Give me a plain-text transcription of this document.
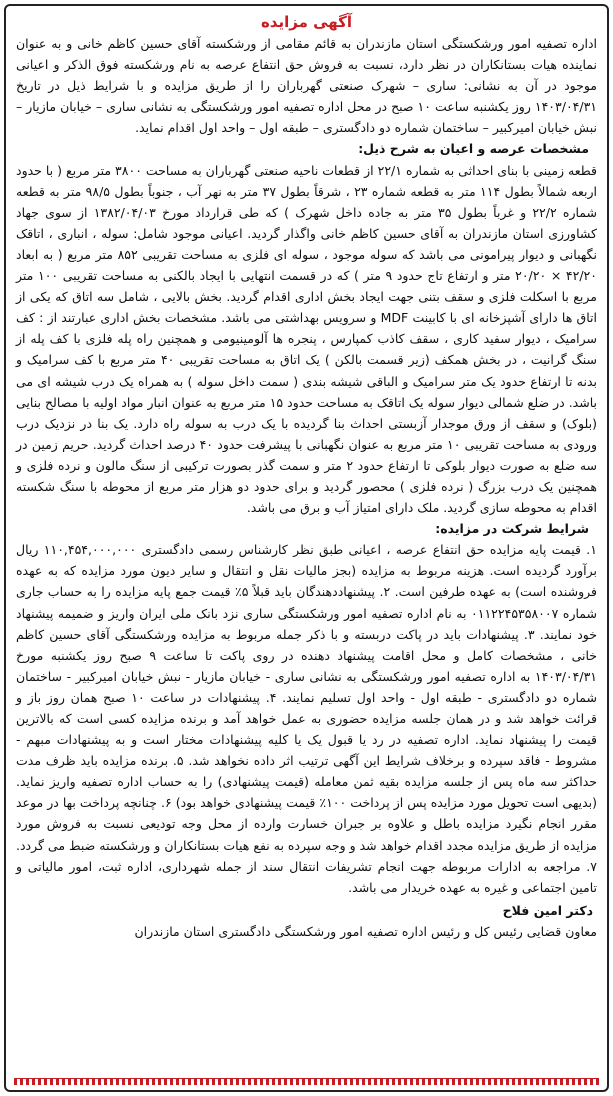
آگهی مزایده

اداره تصفیه امور ورشکستگی استان مازندران به قائم مقامی از ورشکسته آقای حسین کاظم خانی و به عنوان نماینده هیات بستانکاران در نظر دارد، نسبت به فروش حق انتفاع عرصه به نام ورشکسته فوق الذکر و اعیانی موجود در آن به نشانی: ساری – شهرک صنعتی گهرباران را از طریق مزایده و با شرایط ذیل در تاریخ ۱۴۰۳/۰۴/۳۱ روز یکشنبه ساعت ۱۰ صبح در محل اداره تصفیه امور ورشکستگی به نشانی ساری – خیابان مازیار – نبش خیابان امیرکبیر – ساختمان شماره دو دادگستری – طبقه اول – واحد اول اقدام نماید.

مشخصات عرصه و اعیان به شرح ذیل:

قطعه زمینی با بنای احداثی به شماره ۲۲/۱ از قطعات ناحیه صنعتی گهرباران به مساحت ۳۸۰۰ متر مربع ( با حدود اربعه شمالاً بطول ۱۱۴ متر به قطعه شماره ۲۳ ، شرقاً بطول ۳۷ متر به نهر آب ، جنوباً بطول ۹۸/۵ متر به قطعه شماره ۲۲/۲ و غرباً بطول ۳۵ متر به جاده داخل شهرک ) که طی قرارداد مورخ ۱۳۸۲/۰۴/۰۳ از سوی جهاد کشاورزی استان مازندران به آقای حسین کاظم خانی واگذار گردید. اعیانی موجود شامل: سوله ، انباری ، اتاقک نگهبانی و دیوار پیرامونی می باشد که سوله موجود ، سوله ای فلزی به مساحت تقریبی ۸۵۲ متر مربع ( به ابعاد ۴۲/۲۰ × ۲۰/۲۰ متر و ارتفاع تاج حدود ۹ متر ) که در قسمت انتهایی با ایجاد بالکنی به مساحت تقریبی ۱۰۰ متر مربع با اسکلت فلزی و سقف بتنی جهت ایجاد بخش اداری اقدام گردید. بخش بالایی ، شامل سه اتاق که یکی از اتاق ها دارای آشپزخانه ای با کابینت MDF و سرویس بهداشتی می باشد. مشخصات بخش اداری عبارتند از : کف سرامیک ، دیوار سفید کاری ، سقف کاذب کمپارس ، پنجره ها آلومینیومی و همچنین راه پله فلزی با کف پله از سنگ گرانیت ، در بخش همکف (زیر قسمت بالکن ) یک اتاق به مساحت تقریبی ۴۰ متر مربع با کف سرامیک و بدنه تا ارتفاع حدود یک متر سرامیک و الباقی شیشه بندی ( سمت داخل سوله ) به همراه یک درب شیشه ای می باشد. در ضلع شمالی دیوار سوله یک اتاقک به مساحت حدود ۱۵ متر مربع به عنوان انبار مواد اولیه با مصالح بنایی (بلوک) و سقف از ورق موجدار آزبستی احداث بنا گردیده با یک درب به سوله راه دارد. یک بنا در نزدیک درب ورودی به مساحت تقریبی ۱۰ متر مربع به عنوان نگهبانی با پیشرفت حدود ۴۰ درصد احداث گردید. حریم زمین در سه ضلع به صورت دیوار بلوکی تا ارتفاع حدود ۲ متر و سمت گذر بصورت ترکیبی از سنگ مالون و نرده فلزی و همچنین یک درب بزرگ ( نرده فلزی ) محصور گردید و برای حدود دو هزار متر مربع از محوطه با سنگ شکسته اقدام به محوطه سازی گردید. ملک دارای امتیاز آب و برق می باشد.

شرایط شرکت در مزایده:

۱. قیمت پایه مزایده حق انتفاع عرصه ، اعیانی طبق نظر کارشناس رسمی دادگستری ۱۱۰,۴۵۴,۰۰۰,۰۰۰ ریال برآورد گردیده است. هزینه مربوط به مزایده (بجز مالیات نقل و انتقال و سایر دیون مورد مزایده که به عهده فروشنده است) به عهده طرفین است. ۲. پیشنهاددهندگان باید قبلاً ۵٪ قیمت جمع پایه مزایده را به حساب جاری شماره ۰۱۱۲۲۴۵۳۵۸۰۰۷ به نام اداره تصفیه امور ورشکستگی ساری نزد بانک ملی ایران واریز و ضمیمه پیشنهاد خود نمایند. ۳. پیشنهادات باید در پاکت دربسته و با ذکر جمله مربوط به مزایده ورشکستگی آقای حسین کاظم خانی ، مشخصات کامل و محل اقامت پیشنهاد دهنده در روی پاکت تا ساعت ۹ صبح روز یکشنبه مورخ ۱۴۰۳/۰۴/۳۱ به اداره تصفیه امور ورشکستگی به نشانی ساری - خیابان مازیار - نبش خیابان امیرکبیر - ساختمان شماره دو دادگستری - طبقه اول - واحد اول تسلیم نمایند. ۴. پیشنهادات در ساعت ۱۰ صبح همان روز باز و قرائت خواهد شد و در همان جلسه مزایده حضوری به عمل خواهد آمد و برنده مزایده کسی است که بالاترین قیمت را پیشنهاد نماید. اداره تصفیه در رد یا قبول یک یا کلیه پیشنهادات مختار است و به پیشنهادات مبهم - مشروط - فاقد سپرده و برخلاف شرایط این آگهی ترتیب اثر داده نخواهد شد. ۵. برنده مزایده باید ظرف مدت حداکثر سه ماه پس از جلسه مزایده بقیه ثمن معامله (قیمت پیشنهادی) را به حساب اداره تصفیه واریز نماید. (بدیهی است تحویل مورد مزایده پس از پرداخت ۱۰۰٪ قیمت پیشنهادی خواهد بود) ۶. چنانچه پرداخت بها در موعد مقرر انجام نگیرد مزایده باطل و علاوه بر جبران خسارت وارده از محل وجه تودیعی نسبت به فروش مورد مزایده از طریق مزایده مجدد اقدام خواهد شد و وجه سپرده به نفع هیات بستانکاران و ورشکسته ضبط می گردد. ۷. مراجعه به ادارات مربوطه جهت انجام تشریفات انتقال سند از جمله شهرداری، اداره ثبت، امور مالیاتی و تامین اجتماعی و غیره به عهده خریدار می باشد.

دکتر امین فلاح
معاون قضایی رئیس کل و رئیس اداره تصفیه امور ورشکستگی دادگستری استان مازندران
